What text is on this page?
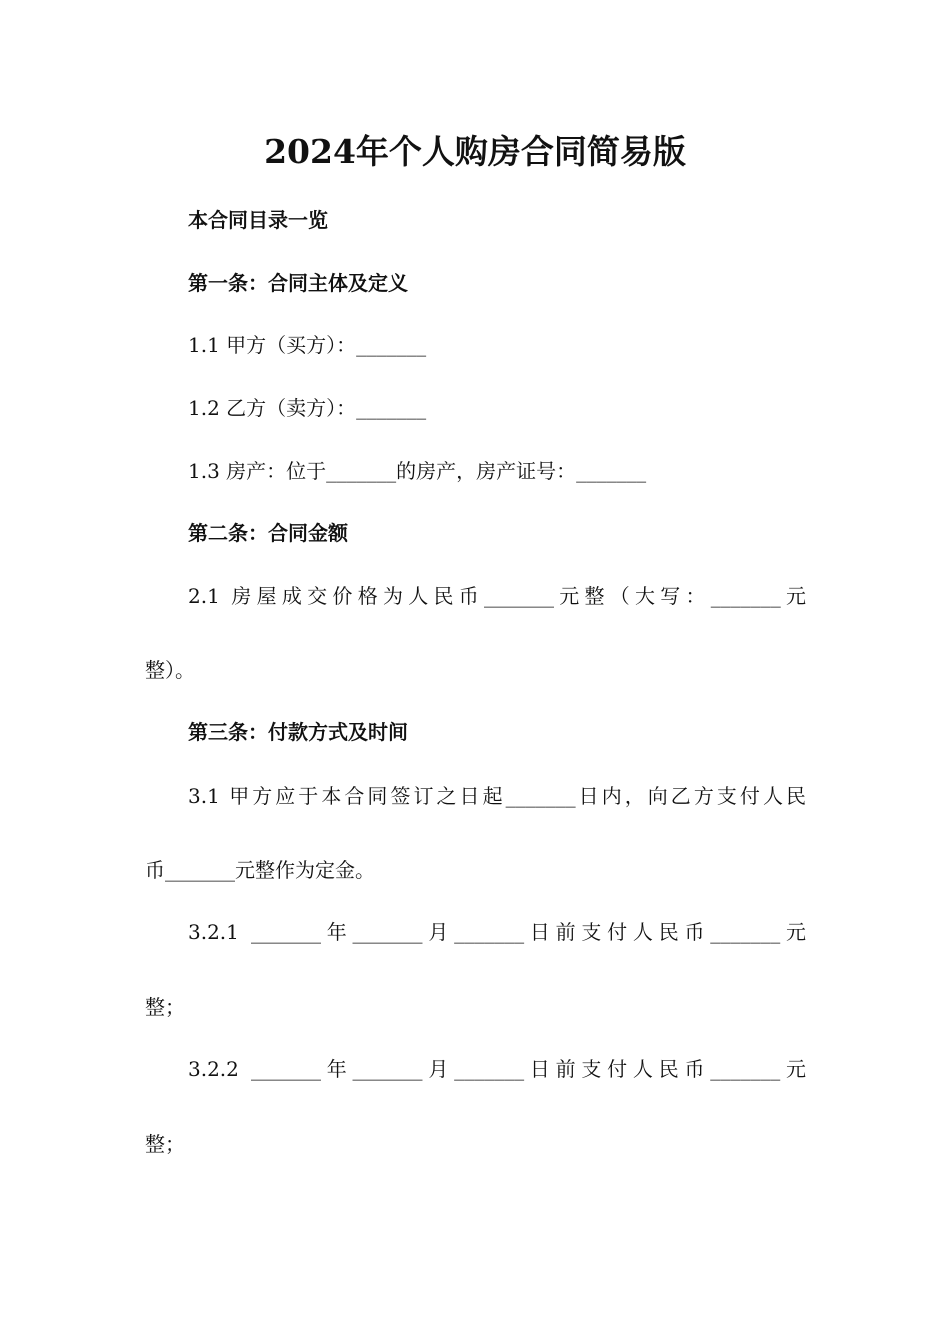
2024年个人购房合同简易版

本合同目录一览

第一条：合同主体及定义

1.1 甲方（买方）：_______

1.2 乙方（卖方）：_______

1.3 房产：位于_______的房产，房产证号：_______

第二条：合同金额

2.1 房屋成交价格为人民币_______元整（大写：_______元

整）。

第三条：付款方式及时间

3.1 甲方应于本合同签订之日起_______日内，向乙方支付人民

币_______元整作为定金。

3.2.1 _______年_______月_______日前支付人民币_______元

整；

3.2.2 _______年_______月_______日前支付人民币_______元

整；
